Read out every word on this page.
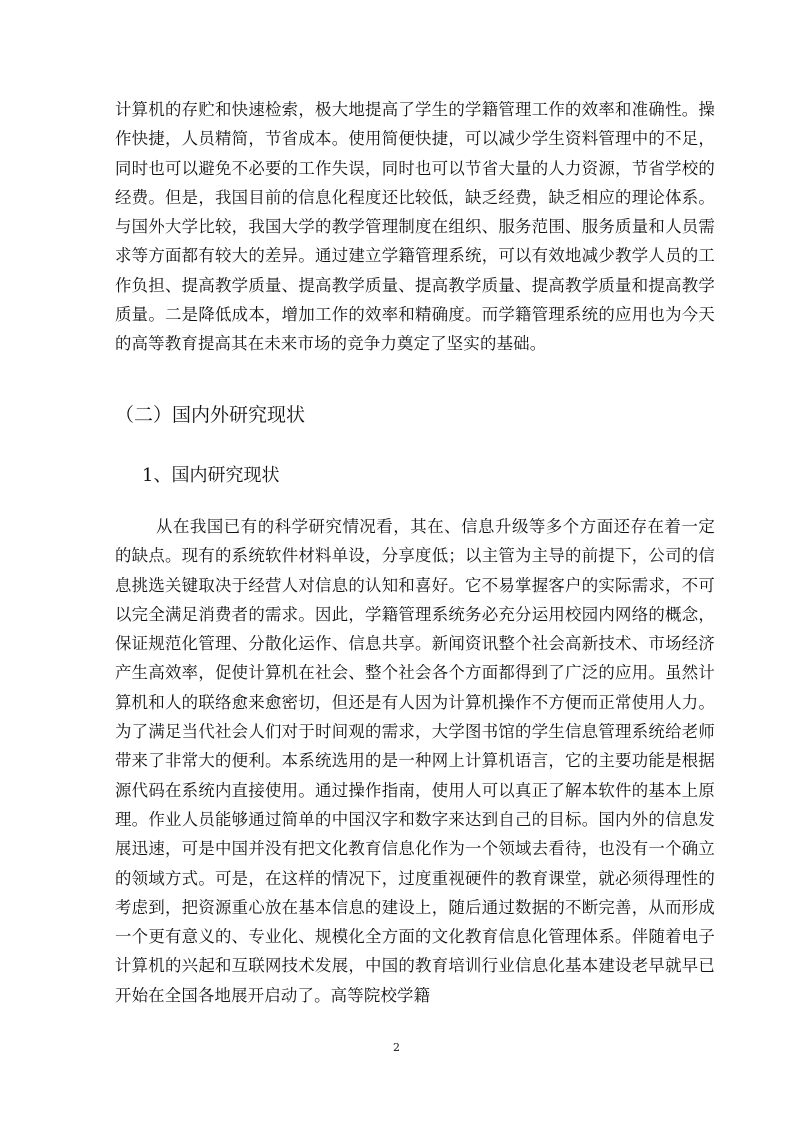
计算机的存贮和快速检索，极大地提高了学生的学籍管理工作的效率和准确性。操作快捷，人员精简，节省成本。使用简便快捷，可以减少学生资料管理中的不足，同时也可以避免不必要的工作失误，同时也可以节省大量的人力资源，节省学校的经费。但是，我国目前的信息化程度还比较低，缺乏经费，缺乏相应的理论体系。与国外大学比较，我国大学的教学管理制度在组织、服务范围、服务质量和人员需求等方面都有较大的差异。通过建立学籍管理系统，可以有效地减少教学人员的工作负担、提高教学质量、提高教学质量、提高教学质量、提高教学质量和提高教学质量。二是降低成本，增加工作的效率和精确度。而学籍管理系统的应用也为今天的高等教育提高其在未来市场的竞争力奠定了坚实的基础。

（二）国内外研究现状
1、国内研究现状

从在我国已有的科学研究情况看，其在、信息升级等多个方面还存在着一定的缺点。现有的系统软件材料单设，分享度低；以主管为主导的前提下，公司的信息挑选关键取决于经营人对信息的认知和喜好。它不易掌握客户的实际需求，不可以完全满足消费者的需求。因此，学籍管理系统务必充分运用校园内网络的概念，保证规范化管理、分散化运作、信息共享。新闻资讯整个社会高新技术、市场经济产生高效率，促使计算机在社会、整个社会各个方面都得到了广泛的应用。虽然计算机和人的联络愈来愈密切，但还是有人因为计算机操作不方便而正常使用人力。为了满足当代社会人们对于时间观的需求，大学图书馆的学生信息管理系统给老师带来了非常大的便利。本系统选用的是一种网上计算机语言，它的主要功能是根据源代码在系统内直接使用。通过操作指南，使用人可以真正了解本软件的基本上原理。作业人员能够通过简单的中国汉字和数字来达到自己的目标。国内外的信息发展迅速，可是中国并没有把文化教育信息化作为一个领域去看待，也没有一个确立的领域方式。可是，在这样的情况下，过度重视硬件的教育课堂，就必须得理性的考虑到，把资源重心放在基本信息的建设上，随后通过数据的不断完善，从而形成一个更有意义的、专业化、规模化全方面的文化教育信息化管理体系。伴随着电子计算机的兴起和互联网技术发展，中国的教育培训行业信息化基本建设老早就早已开始在全国各地展开启动了。高等院校学籍

2
